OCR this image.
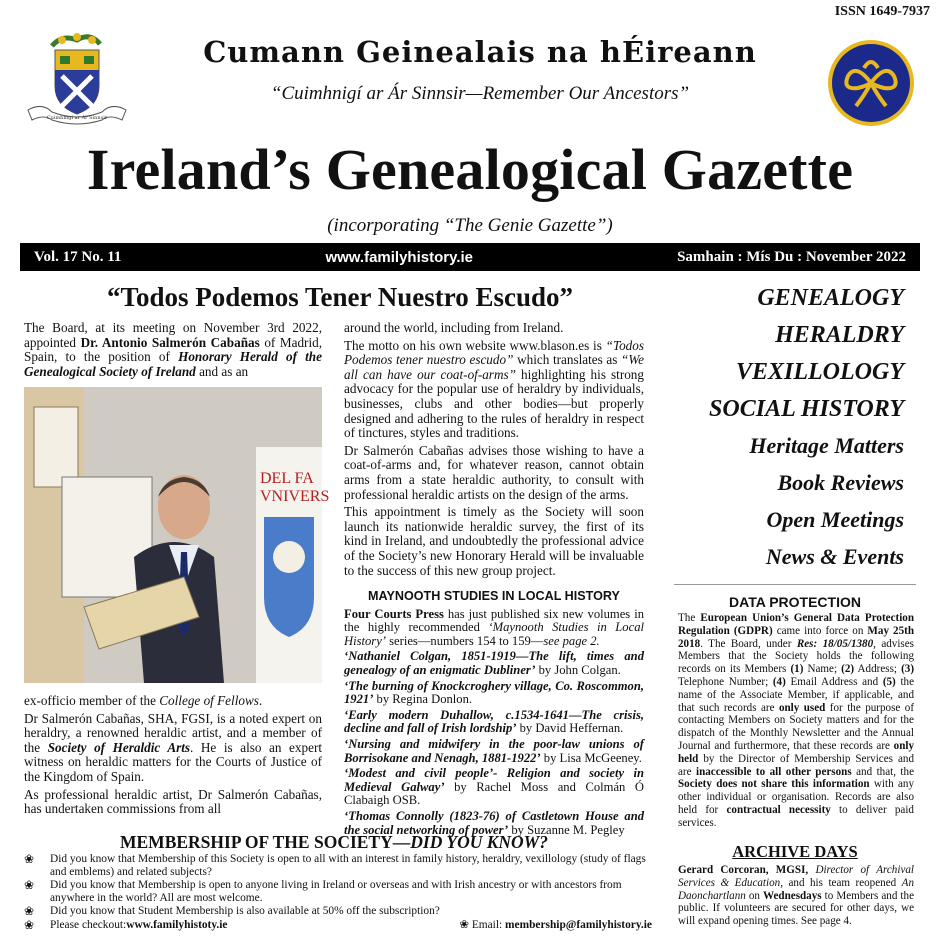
ISSN 1649-7937
Cuimhnigí ar Ár Sinnsir
Cumann Geinealais na hÉireann
“Cuimhnigí ar Ár Sinnsir—Remember Our Ancestors”
Ireland’s Genealogical Gazette
(incorporating “The Genie Gazette”)
Vol. 17 No. 11	www.familyhistory.ie	Samhain : Mís Du : November 2022
“Todos Podemos Tener Nuestro Escudo”

The Board, at its meeting on November 3rd 2022, appointed Dr. Antonio Salmerón Cabañas of Madrid, Spain, to the position of Honorary Herald of the Genealogical Society of Ireland and as an

DEL FA
VNIVERS

ex-officio member of the College of Fellows.

Dr Salmerón Cabañas, SHA, FGSI, is a noted expert on heraldry, a renowned heraldic artist, and a member of the Society of Heraldic Arts. He is also an expert witness on heraldic matters for the Courts of Justice of the Kingdom of Spain.

As professional heraldic artist, Dr Salmerón Cabañas, has undertaken commissions from all

around the world, including from Ireland.

The motto on his own website www.blason.es is “Todos Podemos tener nuestro escudo” which translates as “We all can have our coat-of-arms” highlighting his strong advocacy for the popular use of heraldry by individuals, businesses, clubs and other bodies—but properly designed and adhering to the rules of heraldry in respect of tinctures, styles and traditions.

Dr Salmerón Cabañas advises those wishing to have a coat-of-arms and, for whatever reason, cannot obtain arms from a state heraldic authority, to consult with professional heraldic artists on the design of the arms.

This appointment is timely as the Society will soon launch its nationwide heraldic survey, the first of its kind in Ireland, and undoubtedly the professional advice of the Society’s new Honorary Herald will be invaluable to the success of this new group project.

MAYNOOTH STUDIES IN LOCAL HISTORY

Four Courts Press has just published six new volumes in the highly recommended ‘Maynooth Studies in Local History’ series—numbers 154 to 159—see page 2.

‘Nathaniel Colgan, 1851-1919—The lift, times and genealogy of an enigmatic Dubliner’ by John Colgan.

‘The burning of Knockcroghery village, Co. Roscommon, 1921’ by Regina Donlon.

‘Early modern Duhallow, c.1534-1641—The crisis, decline and fall of Irish lordship’ by David Heffernan.

‘Nursing and midwifery in the poor-law unions of Borrisokane and Nenagh, 1881-1922’ by Lisa McGeeney.

‘Modest and civil people’- Religion and society in Medieval Galway’ by Rachel Moss and Colmán Ó Clabaigh OSB.

‘Thomas Connolly (1823-76) of Castletown House and the social networking of power’ by Suzanne M. Pegley

GENEALOGY
HERALDRY
VEXILLOLOGY
SOCIAL HISTORY
Heritage Matters
Book Reviews
Open Meetings
News & Events
DATA PROTECTION
The European Union’s General Data Protection Regulation (GDPR) came into force on May 25th 2018. The Board, under Res: 18/05/1380, advises Members that the Society holds the following records on its Members (1) Name; (2) Address; (3) Telephone Number; (4) Email Address and (5) the name of the Associate Member, if applicable, and that such records are only used for the purpose of contacting Members on Society matters and for the dispatch of the Monthly Newsletter and the Annual Journal and furthermore, that these records are only held by the Director of Membership Services and are inaccessible to all other persons and that, the Society does not share this information with any other individual or organisation. Records are also held for contractual necessity to deliver paid services.
ARCHIVE DAYS
Gerard Corcoran, MGSI, Director of Archival Services & Education, and his team reopened An Daonchartlann on Wednesdays to Members and the public. If volunteers are secured for other days, we will expand opening times. See page 4.
MEMBERSHIP OF THE SOCIETY—DID YOU KNOW?
❀	Did you know that Membership of this Society is open to all with an interest in family history, heraldry, vexillology (study of flags and emblems) and related subjects?
❀	Did you know that Membership is open to anyone living in Ireland or overseas and with Irish ancestry or with ancestors from anywhere in the world? All are most welcome.
❀	Did you know that Student Membership is also available at 50% off the subscription?
❀	Please checkout: www.familyhistoty.ie	❀ Email: membership@familyhistory.ie
